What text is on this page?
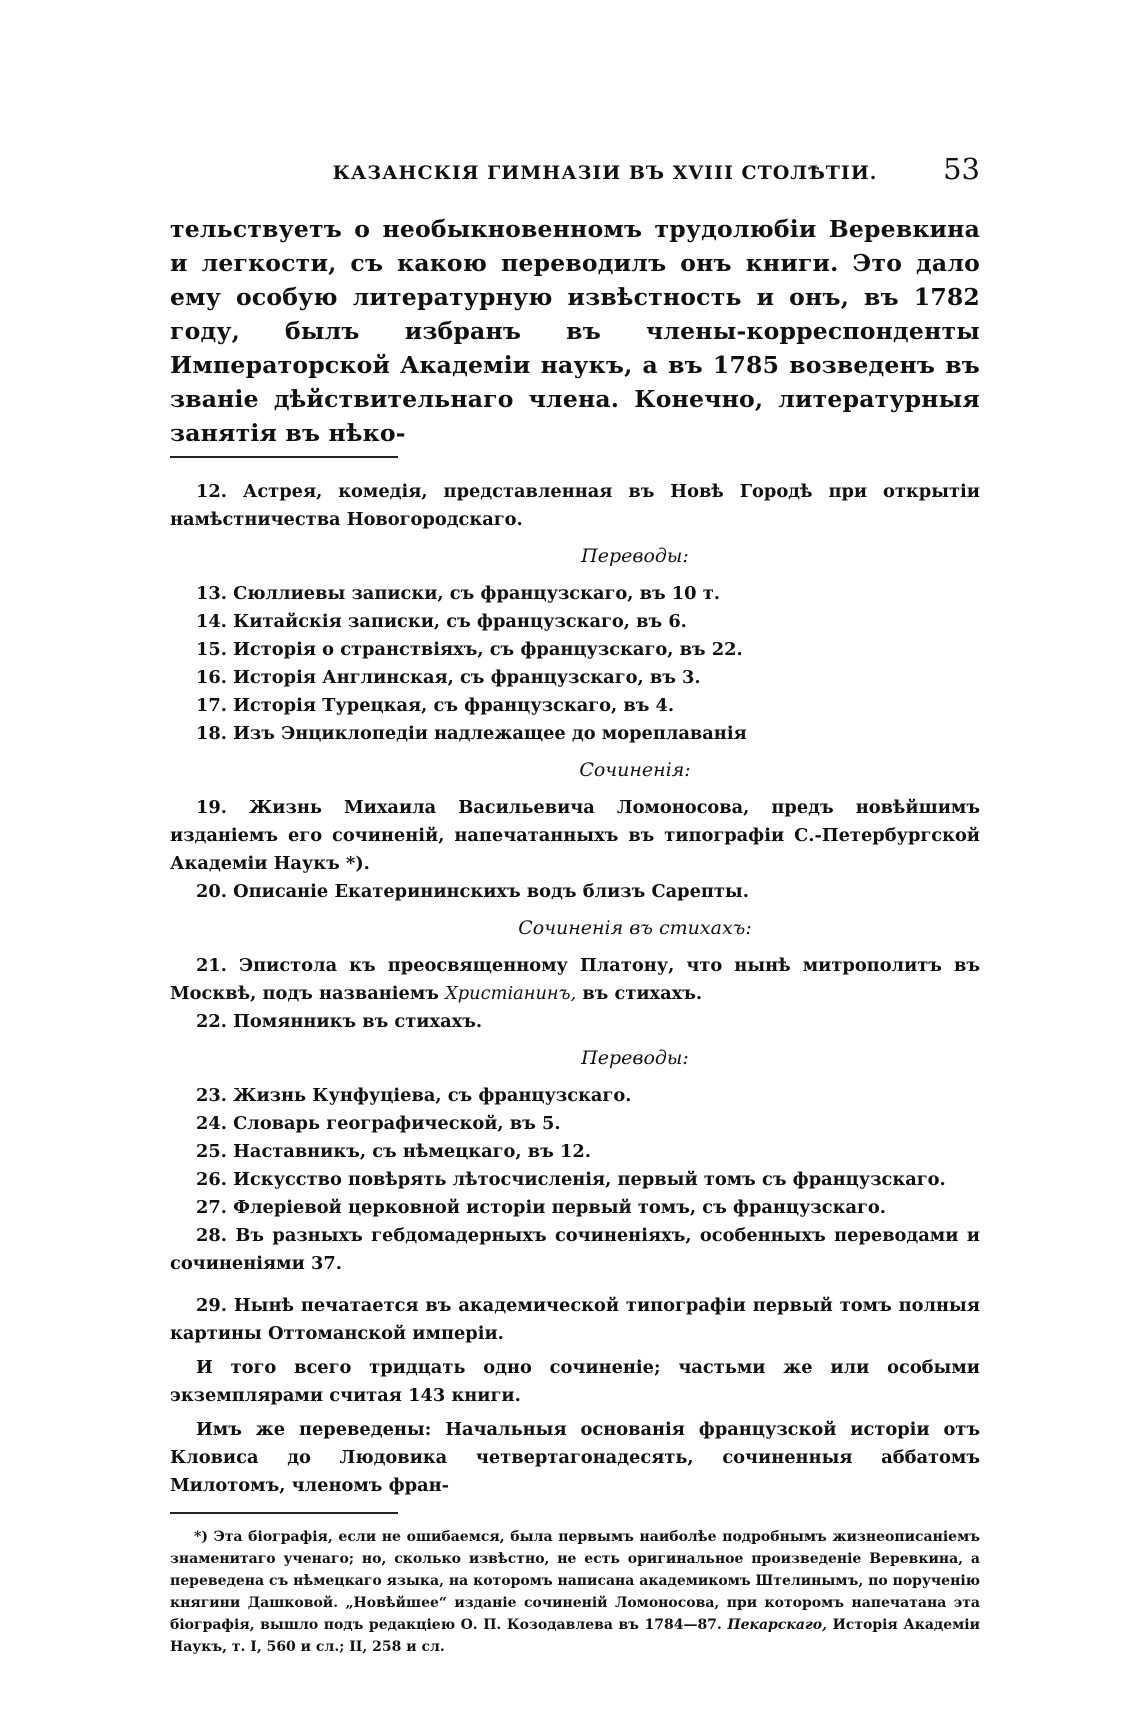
КАЗАНСКІЯ ГИМНАЗІИ ВЪ XVIII СТОЛѢТІИ.	53
тельствуетъ о необыкновенномъ трудолюбіи Веревкина и легкости, съ какою переводилъ онъ книги. Это дало ему особую литературную извѣстность и онъ, въ 1782 году, былъ избранъ въ члены-корреспонденты Императорской Академіи наукъ, а въ 1785 возведенъ въ званіе дѣйствительнаго члена. Конечно, литературныя занятія въ нѣко-

12. Астрея, комедія, представленная въ Новѣ Городѣ при открытіи намѣстничества Новогородскаго.

Переводы:

13. Сюллиевы записки, съ французскаго, въ 10 т.

14. Китайскія записки, съ французскаго, въ 6.

15. Исторія о странствіяхъ, съ французскаго, въ 22.

16. Исторія Англинская, съ французскаго, въ 3.

17. Исторія Турецкая, съ французскаго, въ 4.

18. Изъ Энциклопедіи надлежащее до мореплаванія

Сочиненія:

19. Жизнь Михаила Васильевича Ломоносова, предъ новѣйшимъ изданіемъ его сочиненій, напечатанныхъ въ типографіи С.-Петербургской Академіи Наукъ *).

20. Описаніе Екатерининскихъ водъ близъ Сарепты.

Сочиненія въ стихахъ:

21. Эпистола къ преосвященному Платону, что нынѣ митрополитъ въ Москвѣ, подъ названіемъ Христіанинъ, въ стихахъ.

22. Помянникъ въ стихахъ.

Переводы:

23. Жизнь Кунфуціева, съ французскаго.

24. Словарь географической, въ 5.

25. Наставникъ, съ нѣмецкаго, въ 12.

26. Искусство повѣрять лѣтосчисленія, первый томъ съ французскаго.

27. Флеріевой церковной исторіи первый томъ, съ французскаго.

28. Въ разныхъ гебдомадерныхъ сочиненіяхъ, особенныхъ переводами и сочиненіями 37.

29. Нынѣ печатается въ академической типографіи первый томъ полныя картины Оттоманской имперіи.

И того всего тридцать одно сочиненіе; частьми же или особыми экземплярами считая 143 книги.

Имъ же переведены: Начальныя основанія французской исторіи отъ Кловиса до Людовика четвертагонадесять, сочиненныя аббатомъ Милотомъ, членомъ фран-

*) Эта біографія, если не ошибаемся, была первымъ наиболѣе подробнымъ жизнеописаніемъ знаменитаго ученаго; но, сколько извѣстно, не есть оригинальное произведеніе Веревкина, а переведена съ нѣмецкаго языка, на которомъ написана академикомъ Штелинымъ, по порученію княгини Дашковой. „Новѣйшее“ изданіе сочиненій Ломоносова, при которомъ напечатана эта біографія, вышло подъ редакціею О. П. Козодавлева въ 1784—87. Пекарскаго, Исторія Академіи Наукъ, т. I, 560 и сл.; II, 258 и сл.
